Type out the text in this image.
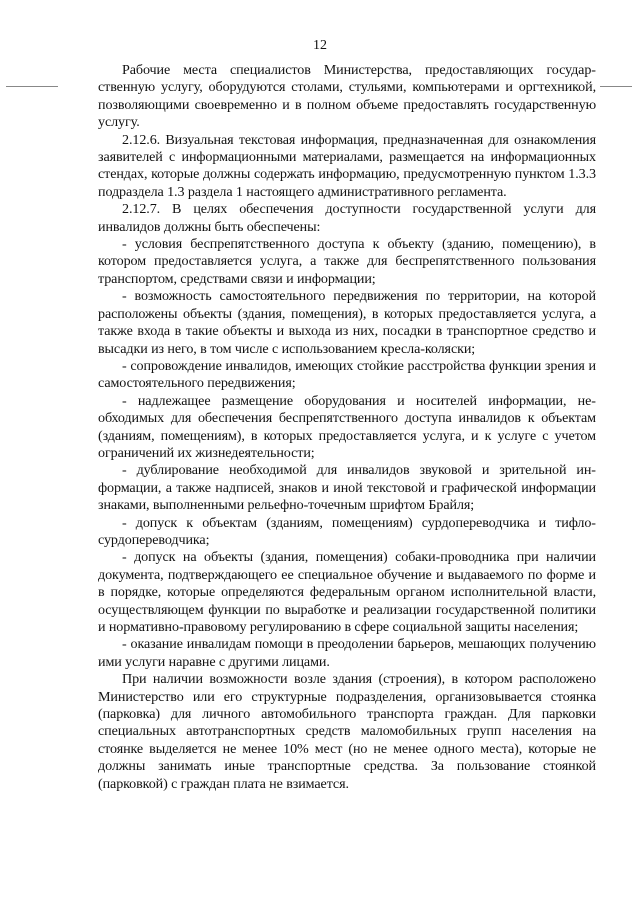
12

Рабочие места специалистов Министерства, предоставляющих государственную услугу, оборудуются столами, стульями, компьютерами и оргтехникой, позволяющими своевременно и в полном объеме предоставлять государственную услугу.

2.12.6. Визуальная текстовая информация, предназначенная для ознакомления заявителей с информационными материалами, размещается на информационных стендах, которые должны содержать информацию, предусмотренную пунктом 1.3.3 подраздела 1.3 раздела 1 настоящего административного регламента.

2.12.7. В целях обеспечения доступности государственной услуги для инвалидов должны быть обеспечены:

- условия беспрепятственного доступа к объекту (зданию, помещению), в котором предоставляется услуга, а также для беспрепятственного пользования транспортом, средствами связи и информации;

- возможность самостоятельного передвижения по территории, на которой расположены объекты (здания, помещения), в которых предоставляется услуга, а также входа в такие объекты и выхода из них, посадки в транспортное средство и высадки из него, в том числе с использованием кресла-коляски;

- сопровождение инвалидов, имеющих стойкие расстройства функции зрения и самостоятельного передвижения;

- надлежащее размещение оборудования и носителей информации, необходимых для обеспечения беспрепятственного доступа инвалидов к объектам (зданиям, помещениям), в которых предоставляется услуга, и к услуге с учетом ограничений их жизнедеятельности;

- дублирование необходимой для инвалидов звуковой и зрительной информации, а также надписей, знаков и иной текстовой и графической информации знаками, выполненными рельефно-точечным шрифтом Брайля;

- допуск к объектам (зданиям, помещениям) сурдопереводчика и тифлосурдопереводчика;

- допуск на объекты (здания, помещения) собаки-проводника при наличии документа, подтверждающего ее специальное обучение и выдаваемого по форме и в порядке, которые определяются федеральным органом исполнительной власти, осуществляющем функции по выработке и реализации государственной политики и нормативно-правовому регулированию в сфере социальной защиты населения;

- оказание инвалидам помощи в преодолении барьеров, мешающих получению ими услуги наравне с другими лицами.

При наличии возможности возле здания (строения), в котором расположено Министерство или его структурные подразделения, организовывается стоянка (парковка) для личного автомобильного транспорта граждан. Для парковки специальных автотранспортных средств маломобильных групп населения на стоянке выделяется не менее 10% мест (но не менее одного места), которые не должны занимать иные транспортные средства. За пользование стоянкой (парковкой) с граждан плата не взимается.
